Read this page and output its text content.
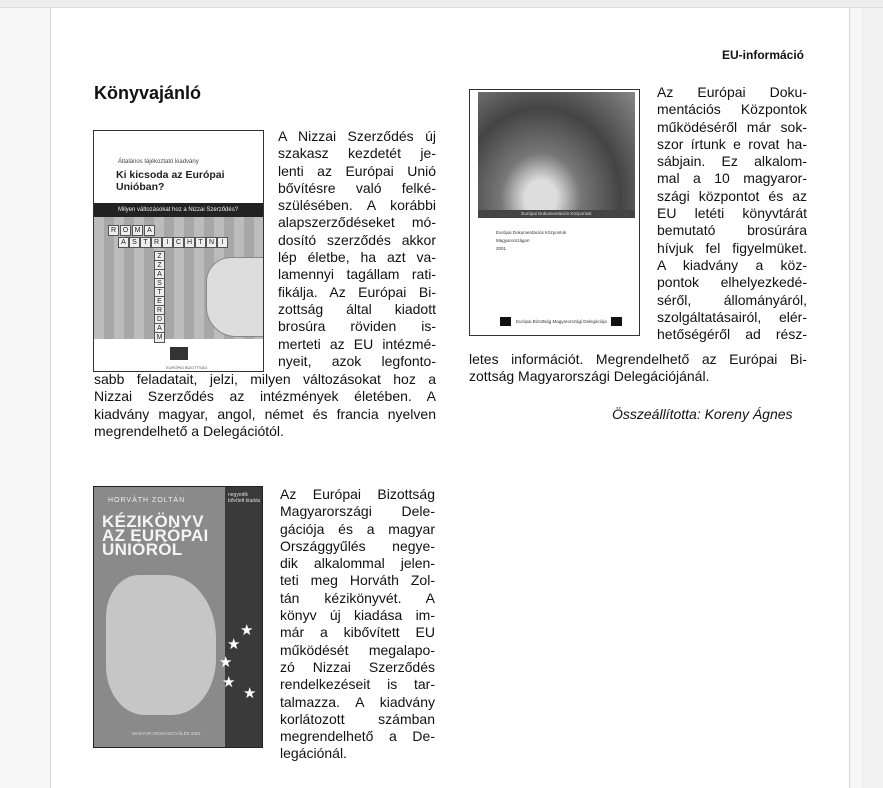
EU-információ
Könyvajánló
Általános tájékoztató kiadvány
Ki kicsoda az Európai Unióban?
Milyen változásokat hoz a Nizzai Szerződés?
R O M A
A S T R	I	C H T N	I
Z
Z
A
S
T
E
R
D
A
M
EURÓPAI BIZOTTSÁG
A Nizzai Szerződés új
szakasz kezdetét je-
lenti az Európai Unió
bővítésre való felké-
szülésében. A korábbi
alapszerződéseket mó-
dosító szerződés akkor
lép életbe, ha azt va-
lamennyi tagállam rati-
fikálja. Az Európai Bi-
zottság által kiadott
brosúra röviden is-
merteti az EU intézmé-
nyeit, azok legfonto-
sabb feladatait, jelzi, milyen változásokat hoz a
Nizzai Szerződés az intézmények életében. A
kiadvány magyar, angol, német és francia nyelven
megrendelhető a Delegációtól.
HORVÁTH ZOLTÁN
KÉZIKÖNYV
AZ EURÓPAI
UNIÓRÓL
negyedik bővített kiadás
★
★
★
★
★
MAGYAR ORSZÁGGYŰLÉS 2001
Az Európai Bizottság
Magyarországi Dele-
gációja és a magyar
Országgyűlés negye-
dik alkalommal jelen-
teti meg Horváth Zol-
tán kézikönyvét. A
könyv új kiadása im-
már a kibővített EU
működését megalapo-
zó Nizzai Szerződés
rendelkezéseit is tar-
talmazza. A kiadvány
korlátozott számban
megrendelhető a De-
legációnál.
Európai Dokumentációs Központok
Európai Dokumentációs Központok
Magyarországon
2001
Európai Bizottság Magyarországi Delegációja
Az Európai Doku-
mentációs Központok
működéséről már sok-
szor írtunk e rovat ha-
sábjain. Ez alkalom-
mal a 10 magyaror-
szági központot és az
EU letéti könyvtárát
bemutató brosúrára
hívjuk fel figyelmüket.
A kiadvány a köz-
pontok elhelyezkedé-
séről, állományáról,
szolgáltatásairól, elér-
hetőségéről ad rész-
letes információt. Megrendelhető az Európai Bi-
zottság Magyarországi Delegációjánál.
Összeállította: Koreny Ágnes
